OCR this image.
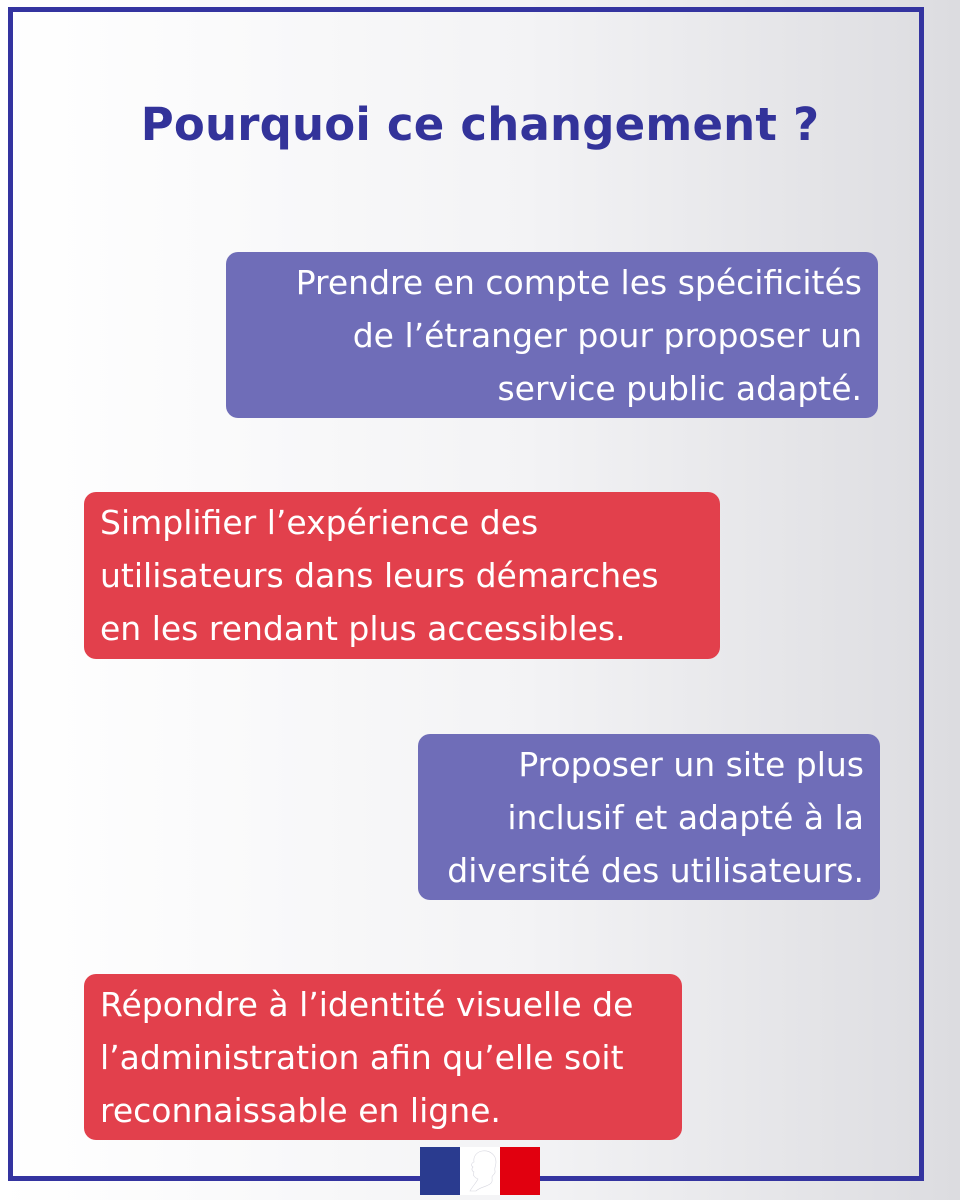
Pourquoi ce changement ?
Prendre en compte les spécificités
de l’étranger pour proposer un
service public adapté.
Simplifier l’expérience des
utilisateurs dans leurs démarches
en les rendant plus accessibles.
Proposer un site plus
inclusif et adapté à la
diversité des utilisateurs.
Répondre à l’identité visuelle de
l’administration afin qu’elle soit
reconnaissable en ligne.
